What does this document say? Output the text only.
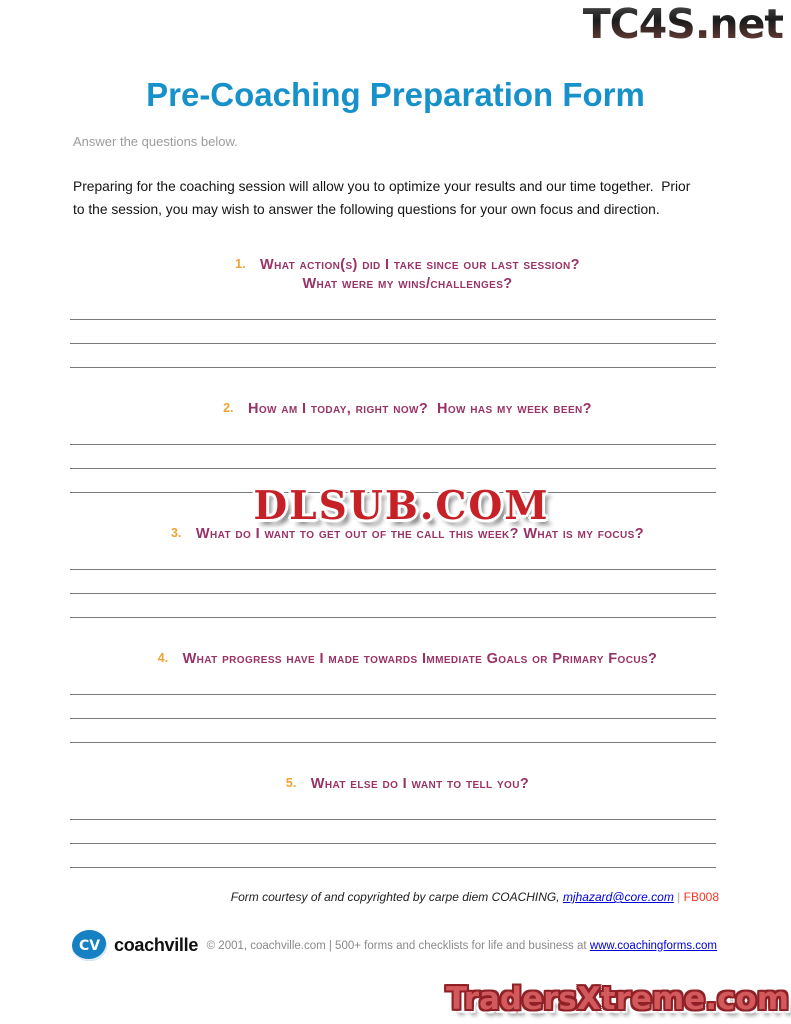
TC4S.net
Pre-Coaching Preparation Form
Answer the questions below.
Preparing for the coaching session will allow you to optimize your results and our time together.  Prior
to the session, you may wish to answer the following questions for your own focus and direction.
1. What action(s) did I take since our last session?
What were my wins/challenges?
2. How am I today, right now?  How has my week been?
DLSUB.COM
3. What do I want to get out of the call this week? What is my focus?
4. What progress have I made towards Immediate Goals or Primary Focus?
5. What else do I want to tell you?
Form courtesy of and copyrighted by carpe diem COACHING, mjhazard@core.com | FB008
CV coachville © 2001, coachville.com | 500+ forms and checklists for life and business at www.coachingforms.com
TradersXtreme.com
